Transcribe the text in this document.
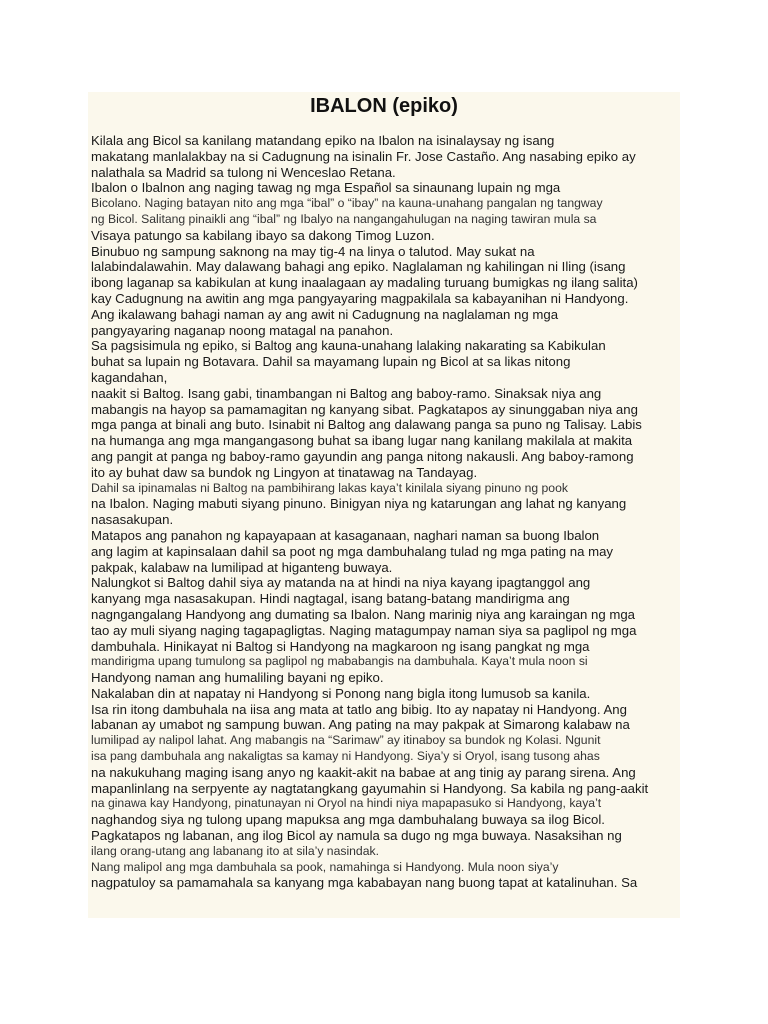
IBALON (epiko)
Kilala ang Bicol sa kanilang matandang epiko na Ibalon na isinalaysay ng isang
makatang manlalakbay na si Cadugnung na isinalin Fr. Jose Castaño. Ang nasabing epiko ay
nalathala sa Madrid sa tulong ni Wenceslao Retana.
Ibalon o Ibalnon ang naging tawag ng mga Español sa sinaunang lupain ng mga
Bicolano. Naging batayan nito ang mga “ibal” o “ibay” na kauna-unahang pangalan ng tangway
ng Bicol. Salitang pinaikli ang “ibal” ng Ibalyo na nangangahulugan na naging tawiran mula sa
Visaya patungo sa kabilang ibayo sa dakong Timog Luzon.
Binubuo ng sampung saknong na may tig-4 na linya o talutod. May sukat na
lalabindalawahin. May dalawang bahagi ang epiko. Naglalaman ng kahilingan ni Iling (isang
ibong laganap sa kabikulan at kung inaalagaan ay madaling turuang bumigkas ng ilang salita)
kay Cadugnung na awitin ang mga pangyayaring magpakilala sa kabayanihan ni Handyong.
Ang ikalawang bahagi naman ay ang awit ni Cadugnung na naglalaman ng mga
pangyayaring naganap noong matagal na panahon.
Sa pagsisimula ng epiko, si Baltog ang kauna-unahang lalaking nakarating sa Kabikulan
buhat sa lupain ng Botavara. Dahil sa mayamang lupain ng Bicol at sa likas nitong
kagandahan,
naakit si Baltog. Isang gabi, tinambangan ni Baltog ang baboy-ramo. Sinaksak niya ang
mabangis na hayop sa pamamagitan ng kanyang sibat. Pagkatapos ay sinunggaban niya ang
mga panga at binali ang buto. Isinabit ni Baltog ang dalawang panga sa puno ng Talisay. Labis
na humanga ang mga mangangasong buhat sa ibang lugar nang kanilang makilala at makita
ang pangit at panga ng baboy-ramo gayundin ang panga nitong nakausli. Ang baboy-ramong
ito ay buhat daw sa bundok ng Lingyon at tinatawag na Tandayag.
Dahil sa ipinamalas ni Baltog na pambihirang lakas kaya’t kinilala siyang pinuno ng pook
na Ibalon. Naging mabuti siyang pinuno. Binigyan niya ng katarungan ang lahat ng kanyang
nasasakupan.
Matapos ang panahon ng kapayapaan at kasaganaan, naghari naman sa buong Ibalon
ang lagim at kapinsalaan dahil sa poot ng mga dambuhalang tulad ng mga pating na may
pakpak, kalabaw na lumilipad at higanteng buwaya.
Nalungkot si Baltog dahil siya ay matanda na at hindi na niya kayang ipagtanggol ang
kanyang mga nasasakupan. Hindi nagtagal, isang batang-batang mandirigma ang
nagngangalang Handyong ang dumating sa Ibalon. Nang marinig niya ang karaingan ng mga
tao ay muli siyang naging tagapagligtas. Naging matagumpay naman siya sa paglipol ng mga
dambuhala. Hinikayat ni Baltog si Handyong na magkaroon ng isang pangkat ng mga
mandirigma upang tumulong sa paglipol ng mababangis na dambuhala. Kaya’t mula noon si
Handyong naman ang humaliling bayani ng epiko.
Nakalaban din at napatay ni Handyong si Ponong nang bigla itong lumusob sa kanila.
Isa rin itong dambuhala na iisa ang mata at tatlo ang bibig. Ito ay napatay ni Handyong. Ang
labanan ay umabot ng sampung buwan. Ang pating na may pakpak at Simarong kalabaw na
lumilipad ay nalipol lahat. Ang mabangis na “Sarimaw” ay itinaboy sa bundok ng Kolasi. Ngunit
isa pang dambuhala ang nakaligtas sa kamay ni Handyong. Siya’y si Oryol, isang tusong ahas
na nakukuhang maging isang anyo ng kaakit-akit na babae at ang tinig ay parang sirena. Ang
mapanlinlang na serpyente ay nagtatangkang gayumahin si Handyong. Sa kabila ng pang-aakit
na ginawa kay Handyong, pinatunayan ni Oryol na hindi niya mapapasuko si Handyong, kaya’t
naghandog siya ng tulong upang mapuksa ang mga dambuhalang buwaya sa ilog Bicol.
Pagkatapos ng labanan, ang ilog Bicol ay namula sa dugo ng mga buwaya. Nasaksihan ng
ilang orang-utang ang labanang ito at sila’y nasindak.
Nang malipol ang mga dambuhala sa pook, namahinga si Handyong. Mula noon siya’y
nagpatuloy sa pamamahala sa kanyang mga kababayan nang buong tapat at katalinuhan. Sa
